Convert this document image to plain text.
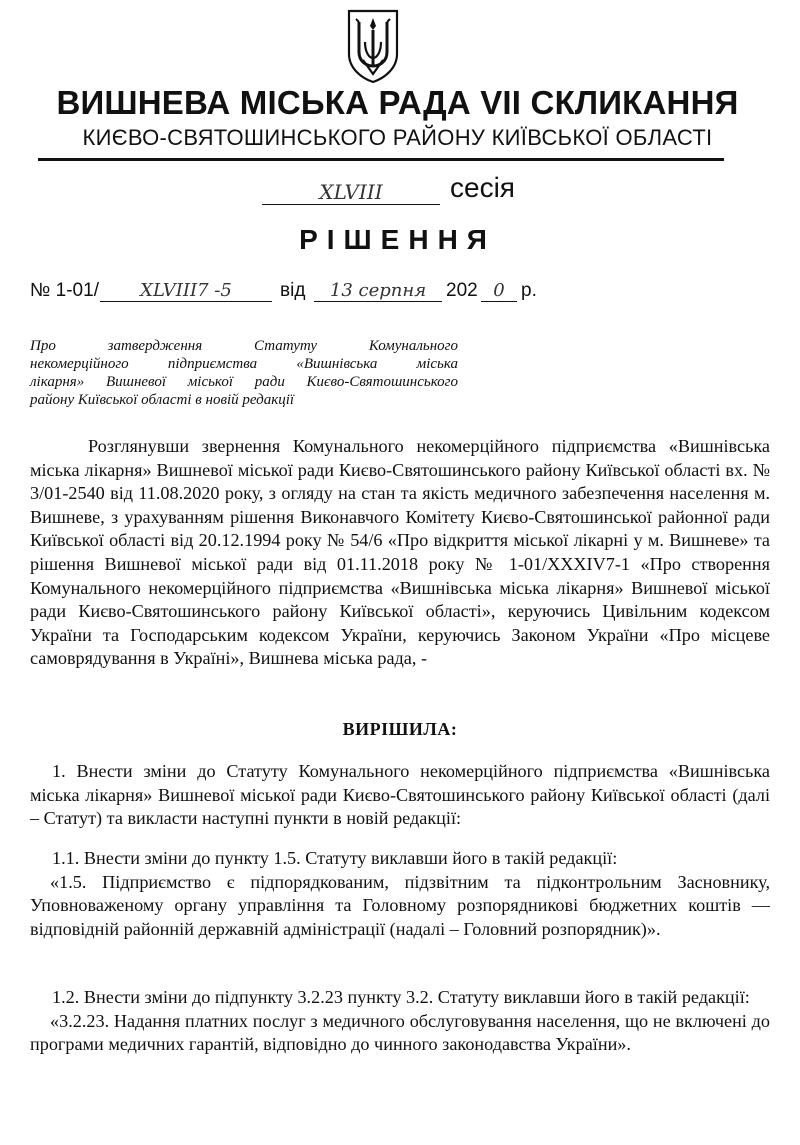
ВИШНЕВА МІСЬКА РАДА VII СКЛИКАННЯ
КИЄВО-СВЯТОШИНСЬКОГО РАЙОНУ КИЇВСЬКОЇ ОБЛАСТІ
XLVIII	сесія
РІШЕННЯ
№ 1-01/	XLVIII7 -5	від	13 серпня	202 0 р.
Про затвердження Статуту Комунального
некомерційного підприємства «Вишнівська міська
лікарня» Вишневої міської ради Києво-Святошинського
району Київської області в новій редакції

Розглянувши звернення Комунального некомерційного підприємства «Вишнівська міська лікарня» Вишневої міської ради Києво-Святошинського району Київської області вх. № 3/01-2540 від 11.08.2020 року, з огляду на стан та якість медичного забезпечення населення м. Вишневе, з урахуванням рішення Виконавчого Комітету Києво-Святошинської районної ради Київської області від 20.12.1994 року № 54/6 «Про відкриття міської лікарні у м. Вишневе» та рішення Вишневої міської ради від 01.11.2018 року № 1-01/XXXIV7-1 «Про створення Комунального некомерційного підприємства «Вишнівська міська лікарня» Вишневої міської ради Києво-Святошинського району Київської області», керуючись Цивільним кодексом України та Господарським кодексом України, керуючись Законом України «Про місцеве самоврядування в Україні», Вишнева міська рада, -

ВИРІШИЛА:

1. Внести зміни до Статуту Комунального некомерційного підприємства «Вишнівська міська лікарня» Вишневої міської ради Києво-Святошинського району Київської області (далі – Статут) та викласти наступні пункти в новій редакції:

1.1. Внести зміни до пункту 1.5. Статуту виклавши його в такій редакції:

«1.5. Підприємство є підпорядкованим, підзвітним та підконтрольним Засновнику, Уповноваженому органу управління та Головному розпорядникові бюджетних коштів — відповідній районній державній адміністрації (надалі – Головний розпорядник)».

1.2. Внести зміни до підпункту 3.2.23 пункту 3.2. Статуту виклавши його в такій редакції:

«3.2.23. Надання платних послуг з медичного обслуговування населення, що не включені до програми медичних гарантій, відповідно до чинного законодавства України».
